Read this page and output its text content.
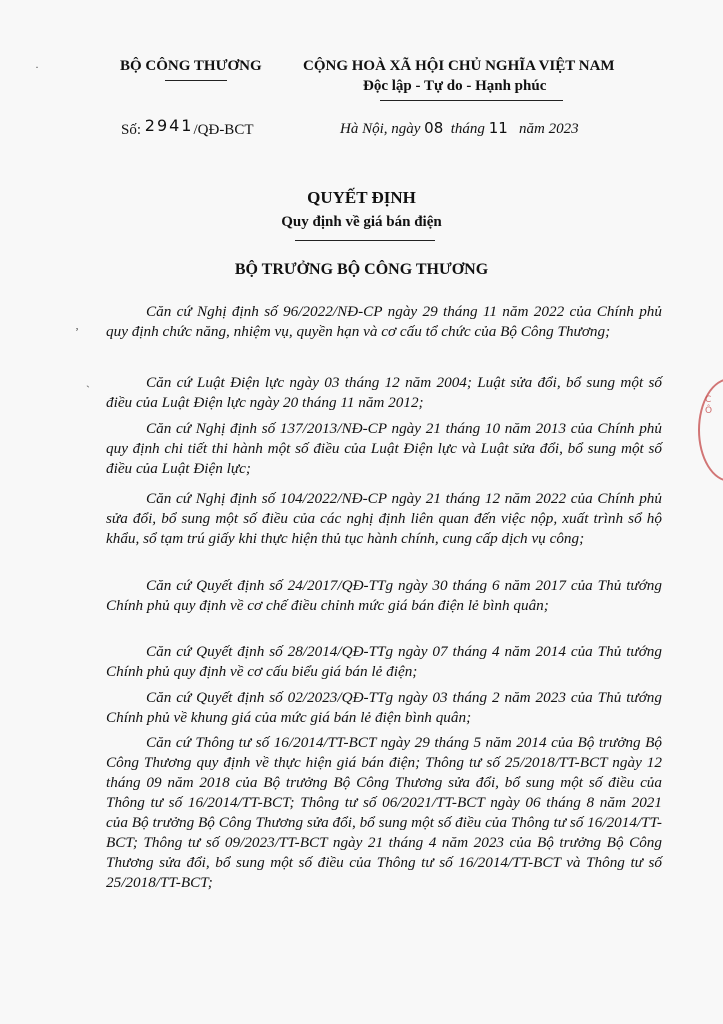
BỘ CÔNG THƯƠNG	CỘNG HOÀ XÃ HỘI CHỦ NGHĨA VIỆT NAM
Độc lập - Tự do - Hạnh phúc
Số: 2941/QĐ-BCT	Hà Nội, ngày 08 tháng 11 năm 2023
QUYẾT ĐỊNH
Quy định về giá bán điện
BỘ TRƯỞNG BỘ CÔNG THƯƠNG

Căn cứ Nghị định số 96/2022/NĐ-CP ngày 29 tháng 11 năm 2022 của Chính phủ quy định chức năng, nhiệm vụ, quyền hạn và cơ cấu tổ chức của Bộ Công Thương;

Căn cứ Luật Điện lực ngày 03 tháng 12 năm 2004; Luật sửa đổi, bổ sung một số điều của Luật Điện lực ngày 20 tháng 11 năm 2012;

Căn cứ Nghị định số 137/2013/NĐ-CP ngày 21 tháng 10 năm 2013 của Chính phủ quy định chi tiết thi hành một số điều của Luật Điện lực và Luật sửa đổi, bổ sung một số điều của Luật Điện lực;

Căn cứ Nghị định số 104/2022/NĐ-CP ngày 21 tháng 12 năm 2022 của Chính phủ sửa đổi, bổ sung một số điều của các nghị định liên quan đến việc nộp, xuất trình sổ hộ khẩu, sổ tạm trú giấy khi thực hiện thủ tục hành chính, cung cấp dịch vụ công;

Căn cứ Quyết định số 24/2017/QĐ-TTg ngày 30 tháng 6 năm 2017 của Thủ tướng Chính phủ quy định về cơ chế điều chỉnh mức giá bán điện lẻ bình quân;

Căn cứ Quyết định số 28/2014/QĐ-TTg ngày 07 tháng 4 năm 2014 của Thủ tướng Chính phủ quy định về cơ cấu biểu giá bán lẻ điện;

Căn cứ Quyết định số 02/2023/QĐ-TTg ngày 03 tháng 2 năm 2023 của Thủ tướng Chính phủ về khung giá của mức giá bán lẻ điện bình quân;

Căn cứ Thông tư số 16/2014/TT-BCT ngày 29 tháng 5 năm 2014 của Bộ trưởng Bộ Công Thương quy định về thực hiện giá bán điện; Thông tư số 25/2018/TT-BCT ngày 12 tháng 09 năm 2018 của Bộ trưởng Bộ Công Thương sửa đổi, bổ sung một số điều của Thông tư số 16/2014/TT-BCT; Thông tư số 06/2021/TT-BCT ngày 06 tháng 8 năm 2021 của Bộ trưởng Bộ Công Thương sửa đổi, bổ sung một số điều của Thông tư số 16/2014/TT-BCT; Thông tư số 09/2023/TT-BCT ngày 21 tháng 4 năm 2023 của Bộ trưởng Bộ Công Thương sửa đổi, bổ sung một số điều của Thông tư số 16/2014/TT-BCT và Thông tư số 25/2018/TT-BCT;

·
ʼ
ˋ
C
Ô
